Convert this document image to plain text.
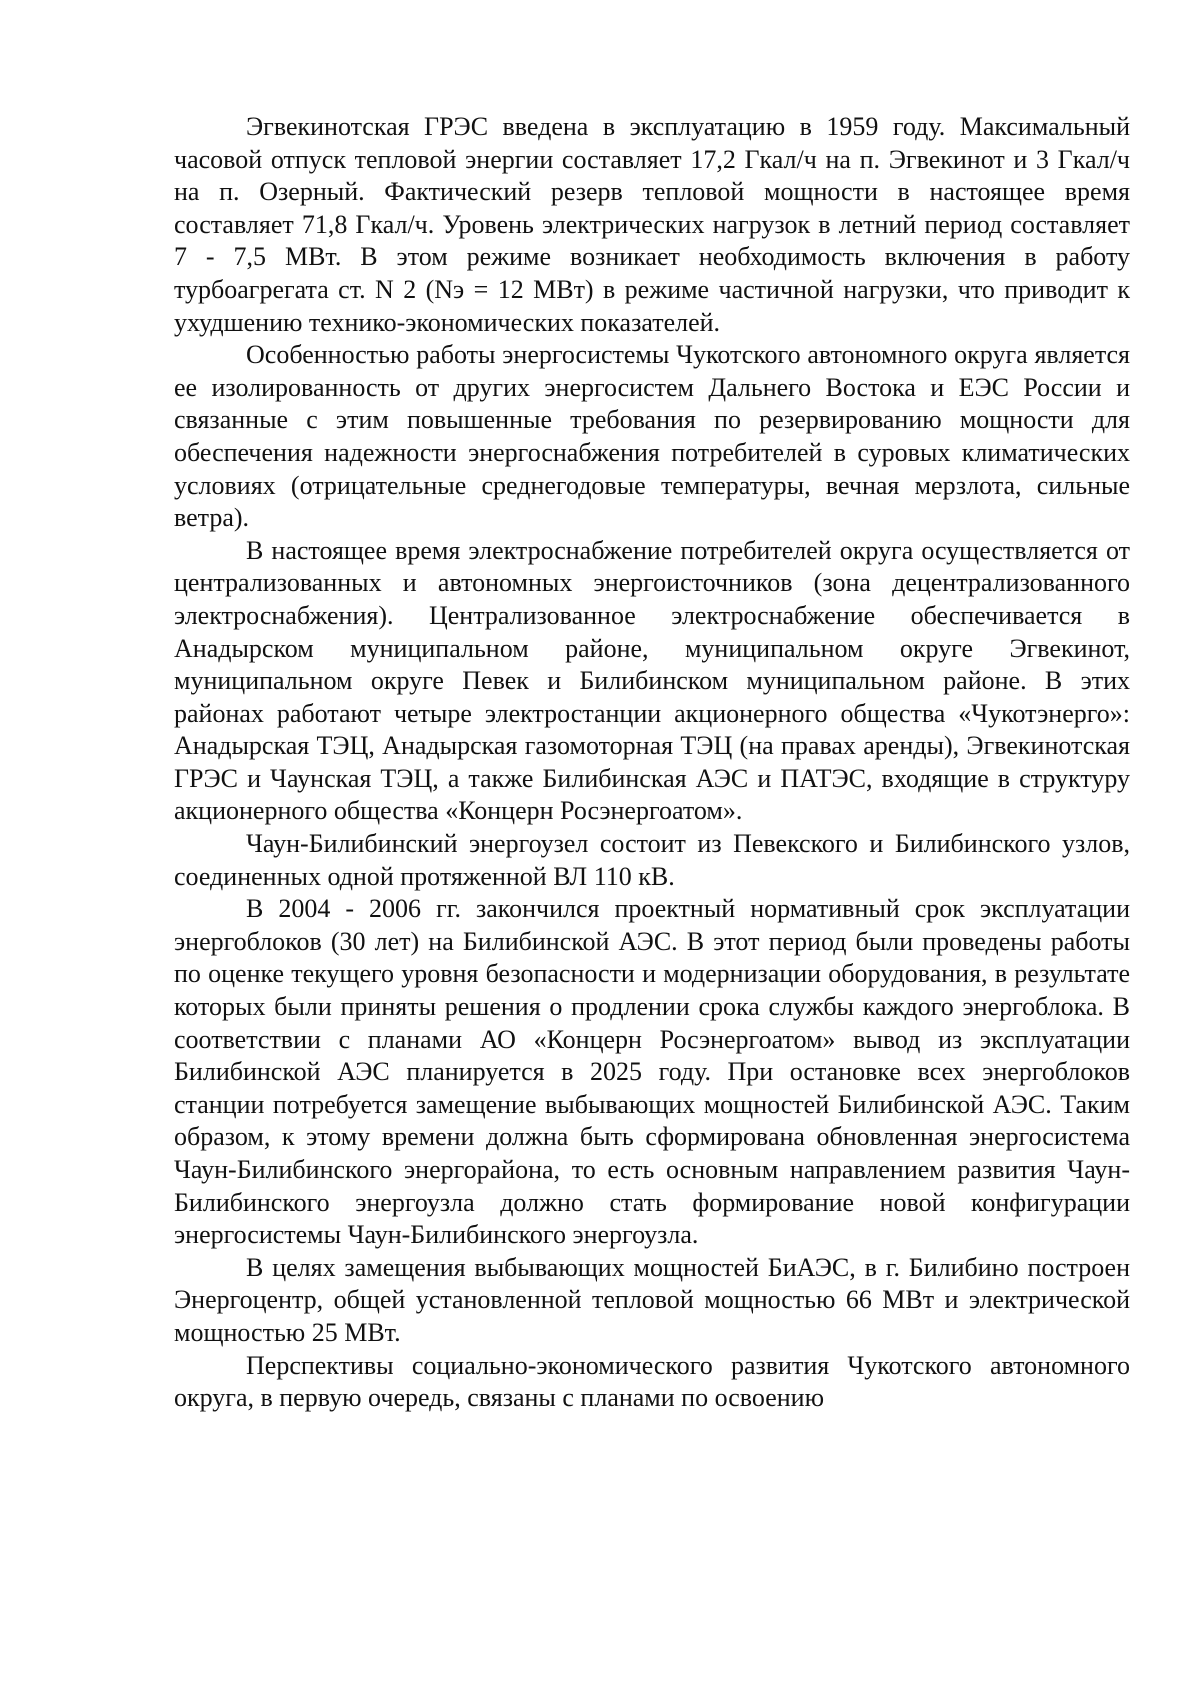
Эгвекинотская ГРЭС введена в эксплуатацию в 1959 году. Максимальный часовой отпуск тепловой энергии составляет 17,2 Гкал/ч на п. Эгвекинот и 3 Гкал/ч на п. Озерный. Фактический резерв тепловой мощности в настоящее время составляет 71,8 Гкал/ч. Уровень электрических нагрузок в летний период составляет 7 - 7,5 МВт. В этом режиме возникает необходимость включения в работу турбоагрегата ст. N 2 (Nэ = 12 МВт) в режиме частичной нагрузки, что приводит к ухудшению технико-экономических показателей.

Особенностью работы энергосистемы Чукотского автономного округа является ее изолированность от других энергосистем Дальнего Востока и ЕЭС России и связанные с этим повышенные требования по резервированию мощности для обеспечения надежности энергоснабжения потребителей в суровых климатических условиях (отрицательные среднегодовые температуры, вечная мерзлота, сильные ветра).

В настоящее время электроснабжение потребителей округа осуществляется от централизованных и автономных энергоисточников (зона децентрализованного электроснабжения). Централизованное электроснабжение обеспечивается в Анадырском муниципальном районе, муниципальном округе Эгвекинот, муниципальном округе Певек и Билибинском муниципальном районе. В этих районах работают четыре электростанции акционерного общества «Чукотэнерго»: Анадырская ТЭЦ, Анадырская газомоторная ТЭЦ (на правах аренды), Эгвекинотская ГРЭС и Чаунская ТЭЦ, а также Билибинская АЭС и ПАТЭС, входящие в структуру акционерного общества «Концерн Росэнергоатом».

Чаун-Билибинский энергоузел состоит из Певекского и Билибинского узлов, соединенных одной протяженной ВЛ 110 кВ.

В 2004 - 2006 гг. закончился проектный нормативный срок эксплуатации энергоблоков (30 лет) на Билибинской АЭС. В этот период были проведены работы по оценке текущего уровня безопасности и модернизации оборудования, в результате которых были приняты решения о продлении срока службы каждого энергоблока. В соответствии с планами АО «Концерн Росэнергоатом» вывод из эксплуатации Билибинской АЭС планируется в 2025 году. При остановке всех энергоблоков станции потребуется замещение выбывающих мощностей Билибинской АЭС. Таким образом, к этому времени должна быть сформирована обновленная энергосистема Чаун-Билибинского энергорайона, то есть основным направлением развития Чаун-Билибинского энергоузла должно стать формирование новой конфигурации энергосистемы Чаун-Билибинского энергоузла.

В целях замещения выбывающих мощностей БиАЭС, в г. Билибино построен Энергоцентр, общей установленной тепловой мощностью 66 МВт и электрической мощностью 25 МВт.

Перспективы социально-экономического развития Чукотского автономного округа, в первую очередь, связаны с планами по освоению
